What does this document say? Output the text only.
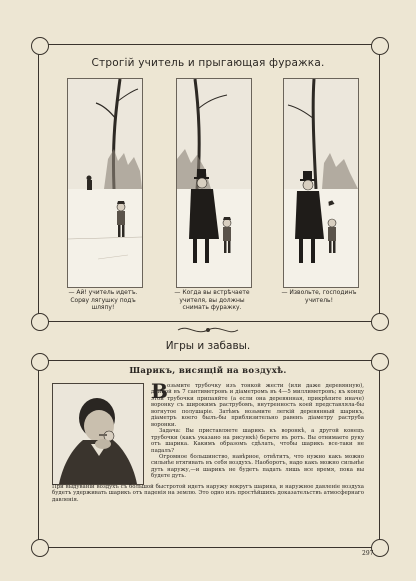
Строгій учитель и прыгающая фуражка.
— Ай! учитель идетъ. Сорву лягушку подъ шляпу!
— Когда вы встрѣчаете учителя, вы должны снимать фуражку.
— Извольте, господинъ учитель!
Игры и забавы.
Шарикъ, висящій на воздухѣ.
В озьмите трубочку изъ тонкой жести (или даже деревянную), длиной въ 7 сантиметровъ и діаметромъ въ 4—5 миллиметровъ; къ концу этой трубочки припаяйте (а если она деревянная, прикрѣпите иначе) воронку съ широкимъ раструбомъ, внутренность коей представляла-бы вогнутое полушаріе. Затѣмъ возьмите легкій деревянный шарикъ, діаметръ коего былъ-бы приблизительно равенъ діаметру раструба воронки.

Задача: Вы приставляете шарикъ къ воронкѣ, а другой конецъ трубочки (какъ указано на рисункѣ) берете въ ротъ. Вы отнимаете руку отъ шарика. Какимъ образомъ сдѣлать, чтобы шарикъ все-таки не падалъ?

Огромное большинство, навѣрное, отвѣтитъ, что нужно какъ можно сильнѣе втягивать въ себя воздухъ. Наоборотъ, надо какъ можно сильнѣе дуть наружу,—и шарикъ не будетъ падать лишь все время, пока вы будете дуть.

При выдуваніи воздухъ съ большой быстротой идетъ наружу вокругъ шарика, и наружное давленіе воздуха будетъ удерживать шарикъ отъ паденія на землю. Это одно изъ простѣйшихъ доказательствъ атмосфернаго давленія.

297
